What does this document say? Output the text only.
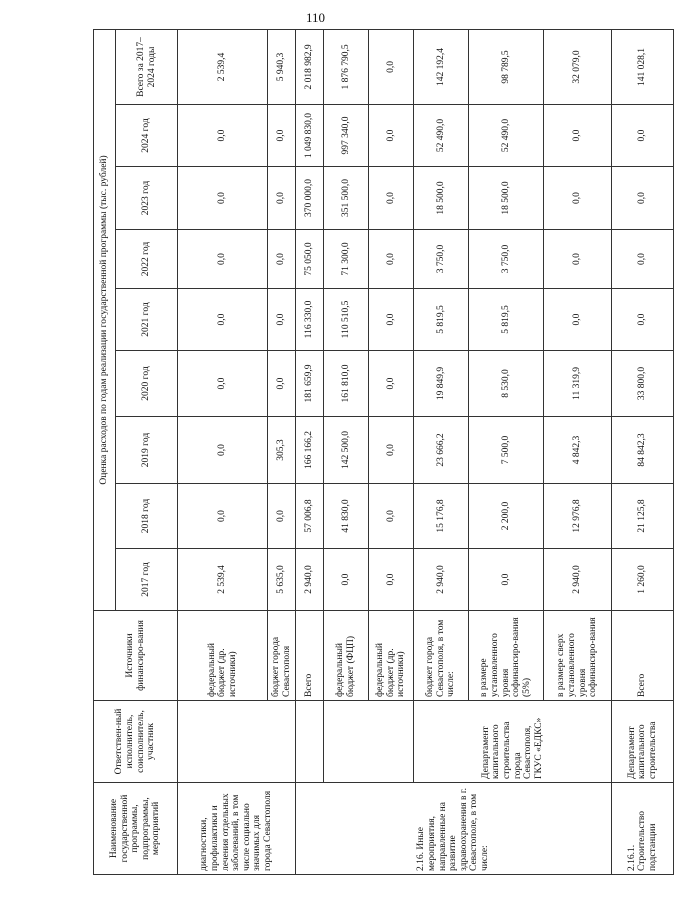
110
Наименование государственной программы, подпрограммы, мероприятий	Ответствен-ный исполнитель, соисполнитель, участник	Источники финансиро-вания	Оценка расходов по годам реализации государственной программы (тыс. рублей)								
			2017 год	2018 год	2019 год	2020 год	2021 год	2022 год	2023 год	2024 год	Всего за 2017–2024 годы
диагностики, профилактики и лечения отдельных заболеваний, в том числе социально значимых для города Севастополя		федеральный бюджет (др. источники)	2 539,4	0,0	0,0	0,0	0,0	0,0	0,0	0,0	2 539,4
		бюджет города Севастополя	5 635,0	0,0	305,3	0,0	0,0	0,0	0,0	0,0	5 940,3
2.16. Иные мероприятия, направленные на развитие здравоохранения в г. Севастополе, в том числе:		Всего	2 940,0	57 006,8	166 166,2	181 659,9	116 330,0	75 050,0	370 000,0	1 049 830,0	2 018 982,9
		федеральный бюджет (ФЦП)	0,0	41 830,0	142 500,0	161 810,0	110 510,5	71 300,0	351 500,0	997 340,0	1 876 790,5
		федеральный бюджет (др. источники)	0,0	0,0	0,0	0,0	0,0	0,0	0,0	0,0	0,0
	Департамент капитального строительства города Севастополя, ГКУС «ЕДКС»	бюджет города Севастополя, в том числе:	2 940,0	15 176,8	23 666,2	19 849,9	5 819,5	3 750,0	18 500,0	52 490,0	142 192,4
		в размере установленного уровня софинансиро-вания (5%)	0,0	2 200,0	7 500,0	8 530,0	5 819,5	3 750,0	18 500,0	52 490,0	98 789,5
		в размере сверх установленного уровня софинансиро-вания	2 940,0	12 976,8	4 842,3	11 319,9	0,0	0,0	0,0	0,0	32 079,0
2.16.1. Строительство подстанции	Департамент капитального строительства	Всего	1 260,0	21 125,8	84 842,3	33 800,0	0,0	0,0	0,0	0,0	141 028,1
